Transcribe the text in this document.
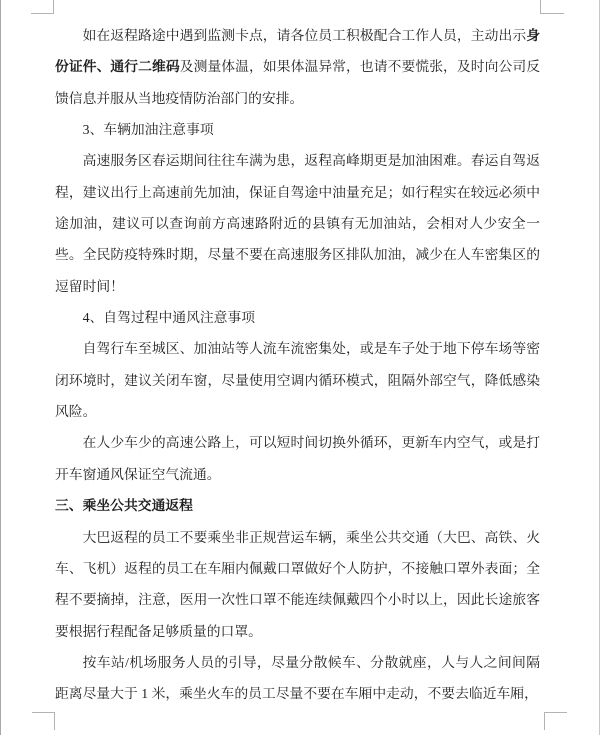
如在返程路途中遇到监测卡点，请各位员工积极配合工作人员，主动出示身份证件、通行二维码及测量体温，如果体温异常，也请不要慌张，及时向公司反馈信息并服从当地疫情防治部门的安排。

3、车辆加油注意事项

高速服务区春运期间往往车满为患，返程高峰期更是加油困难。春运自驾返程，建议出行上高速前先加油，保证自驾途中油量充足；如行程实在较远必须中途加油，建议可以查询前方高速路附近的县镇有无加油站，会相对人少安全一些。全民防疫特殊时期，尽量不要在高速服务区排队加油，减少在人车密集区的逗留时间！

4、自驾过程中通风注意事项

自驾行车至城区、加油站等人流车流密集处，或是车子处于地下停车场等密闭环境时，建议关闭车窗，尽量使用空调内循环模式，阻隔外部空气，降低感染风险。

在人少车少的高速公路上，可以短时间切换外循环，更新车内空气，或是打开车窗通风保证空气流通。

三、乘坐公共交通返程

大巴返程的员工不要乘坐非正规营运车辆，乘坐公共交通（大巴、高铁、火车、飞机）返程的员工在车厢内佩戴口罩做好个人防护，不接触口罩外表面；全程不要摘掉，注意，医用一次性口罩不能连续佩戴四个小时以上，因此长途旅客要根据行程配备足够质量的口罩。

按车站/机场服务人员的引导，尽量分散候车、分散就座，人与人之间间隔距离尽量大于 1 米，乘坐火车的员工尽量不要在车厢中走动，不要去临近车厢，
